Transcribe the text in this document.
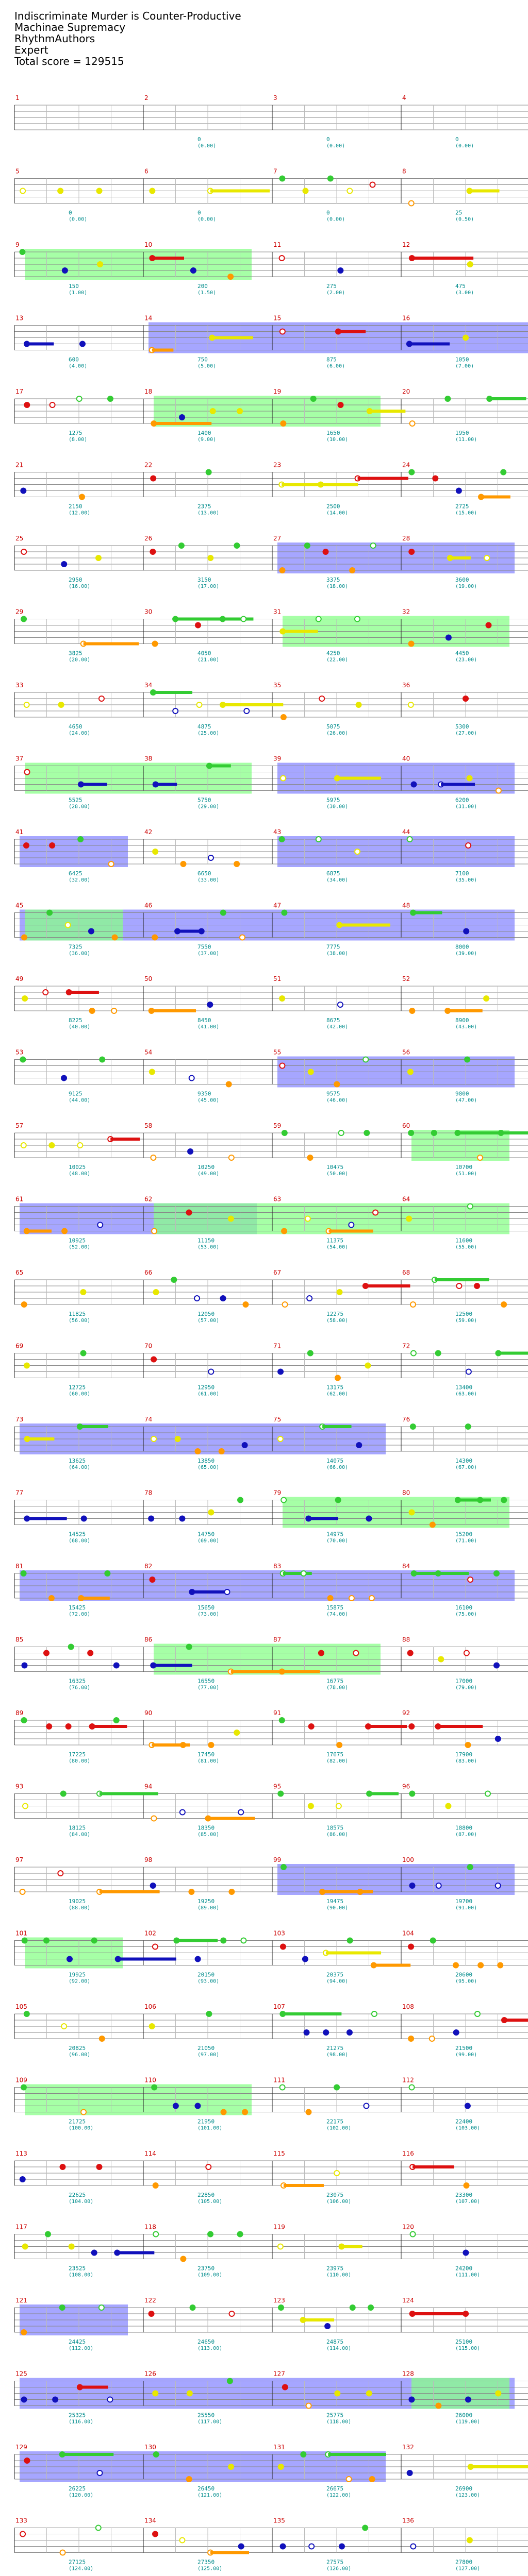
Indiscriminate Murder is Counter-Productive
Machinae Supremacy
RhythmAuthors
Expert
Total score = 129515
1	2	3	4
0
(0.00)
0
(0.00)
0
(0.00)
5	6	7	8
0
(0.00)
0
(0.00)
0
(0.00)
25
(0.50)
9	10	11	12
150
(1.00)
200
(1.50)
275
(2.00)
475
(3.00)
13	14	15	16
600
(4.00)
750
(5.00)
875
(6.00)
1050
(7.00)
17	18	19	20
1275
(8.00)
1400
(9.00)
1650
(10.00)
1950
(11.00)
21	22	23	24
2150
(12.00)
2375
(13.00)
2500
(14.00)
2725
(15.00)
25	26	27	28
2950
(16.00)
3150
(17.00)
3375
(18.00)
3600
(19.00)
29	30	31	32
3825
(20.00)
4050
(21.00)
4250
(22.00)
4450
(23.00)
33	34	35	36
4650
(24.00)
4875
(25.00)
5075
(26.00)
5300
(27.00)
37	38	39	40
5525
(28.00)
5750
(29.00)
5975
(30.00)
6200
(31.00)
41	42	43	44
6425
(32.00)
6650
(33.00)
6875
(34.00)
7100
(35.00)
45	46	47	48
7325
(36.00)
7550
(37.00)
7775
(38.00)
8000
(39.00)
49	50	51	52
8225
(40.00)
8450
(41.00)
8675
(42.00)
8900
(43.00)
53	54	55	56
9125
(44.00)
9350
(45.00)
9575
(46.00)
9800
(47.00)
57	58	59	60
10025
(48.00)
10250
(49.00)
10475
(50.00)
10700
(51.00)
61	62	63	64
10925
(52.00)
11150
(53.00)
11375
(54.00)
11600
(55.00)
65	66	67	68
11825
(56.00)
12050
(57.00)
12275
(58.00)
12500
(59.00)
69	70	71	72
12725
(60.00)
12950
(61.00)
13175
(62.00)
13400
(63.00)
73	74	75	76
13625
(64.00)
13850
(65.00)
14075
(66.00)
14300
(67.00)
77	78	79	80
14525
(68.00)
14750
(69.00)
14975
(70.00)
15200
(71.00)
81	82	83	84
15425
(72.00)
15650
(73.00)
15875
(74.00)
16100
(75.00)
85	86	87	88
16325
(76.00)
16550
(77.00)
16775
(78.00)
17000
(79.00)
89	90	91	92
17225
(80.00)
17450
(81.00)
17675
(82.00)
17900
(83.00)
93	94	95	96
18125
(84.00)
18350
(85.00)
18575
(86.00)
18800
(87.00)
97	98	99	100
19025
(88.00)
19250
(89.00)
19475
(90.00)
19700
(91.00)
101	102	103	104
19925
(92.00)
20150
(93.00)
20375
(94.00)
20600
(95.00)
105	106	107	108
20825
(96.00)
21050
(97.00)
21275
(98.00)
21500
(99.00)
109	110	111	112
21725
(100.00)
21950
(101.00)
22175
(102.00)
22400
(103.00)
113	114	115	116
22625
(104.00)
22850
(105.00)
23075
(106.00)
23300
(107.00)
117	118	119	120
23525
(108.00)
23750
(109.00)
23975
(110.00)
24200
(111.00)
121	122	123	124
24425
(112.00)
24650
(113.00)
24875
(114.00)
25100
(115.00)
125	126	127	128
25325
(116.00)
25550
(117.00)
25775
(118.00)
26000
(119.00)
129	130	131	132
26225
(120.00)
26450
(121.00)
26675
(122.00)
26900
(123.00)
133	134	135	136
27125
(124.00)
27350
(125.00)
27575
(126.00)
27800
(127.00)
